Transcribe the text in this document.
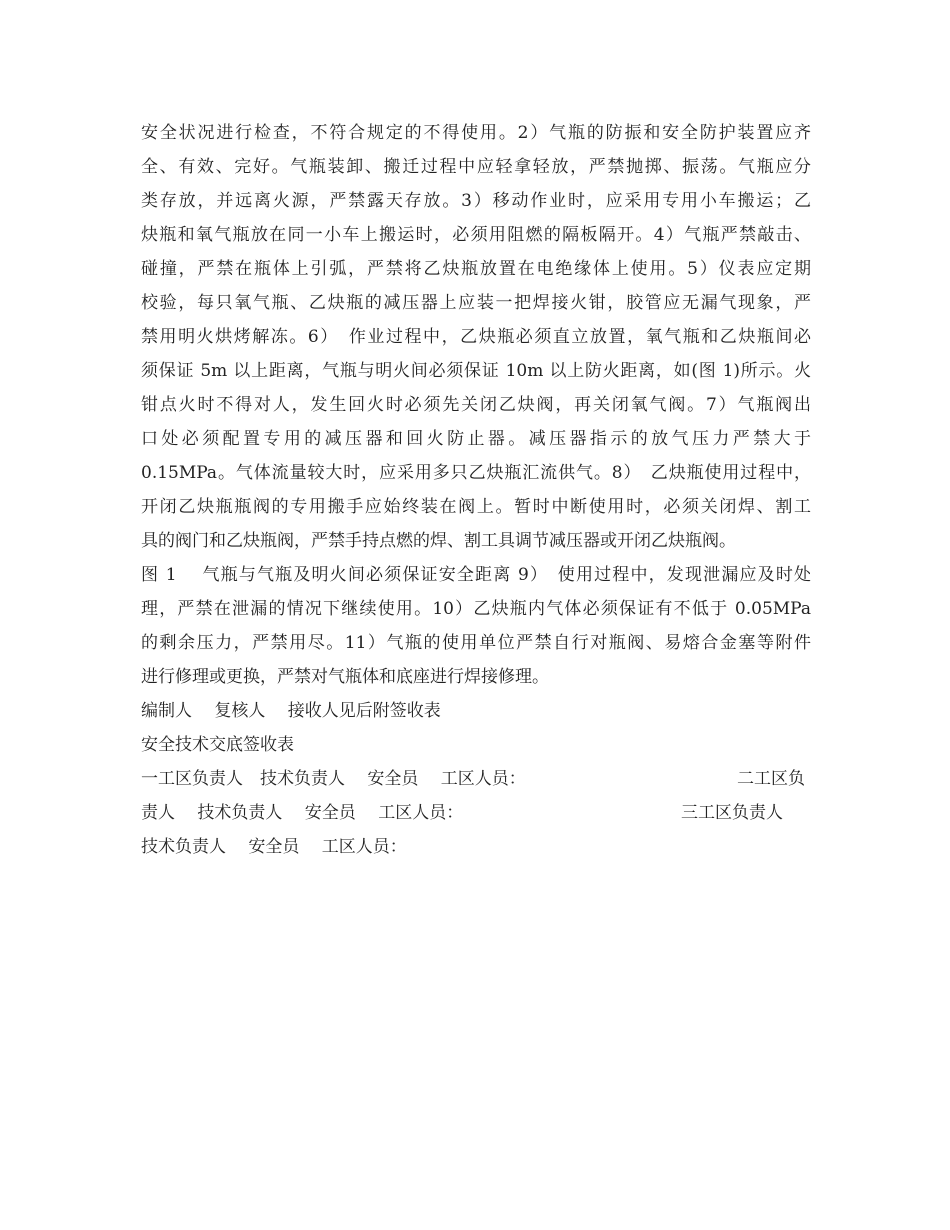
安全状况进行检查，不符合规定的不得使用。2）气瓶的防振和安全防护装置应齐
全、有效、完好。气瓶装卸、搬迁过程中应轻拿轻放，严禁抛掷、振荡。气瓶应分
类存放，并远离火源，严禁露天存放。3）移动作业时，应采用专用小车搬运；乙
炔瓶和氧气瓶放在同一小车上搬运时，必须用阻燃的隔板隔开。4）气瓶严禁敲击、
碰撞，严禁在瓶体上引弧，严禁将乙炔瓶放置在电绝缘体上使用。5）仪表应定期
校验，每只氧气瓶、乙炔瓶的减压器上应装一把焊接火钳，胶管应无漏气现象，严
禁用明火烘烤解冻。6）　作业过程中，乙炔瓶必须直立放置，氧气瓶和乙炔瓶间必
须保证 5m 以上距离，气瓶与明火间必须保证 10m 以上防火距离，如(图 1)所示。火
钳点火时不得对人，发生回火时必须先关闭乙炔阀，再关闭氧气阀。7）气瓶阀出
口处必须配置专用的减压器和回火防止器。减压器指示的放气压力严禁大于
0.15MPa。气体流量较大时，应采用多只乙炔瓶汇流供气。8）　乙炔瓶使用过程中，
开闭乙炔瓶瓶阀的专用搬手应始终装在阀上。暂时中断使用时，必须关闭焊、割工
具的阀门和乙炔瓶阀，严禁手持点燃的焊、割工具调节减压器或开闭乙炔瓶阀。
图 1　 气瓶与气瓶及明火间必须保证安全距离 9）　使用过程中，发现泄漏应及时处
理，严禁在泄漏的情况下继续使用。10）乙炔瓶内气体必须保证有不低于 0.05MPa
的剩余压力，严禁用尽。11）气瓶的使用单位严禁自行对瓶阀、易熔合金塞等附件
进行修理或更换，严禁对气瓶体和底座进行焊接修理。
编制人　 复核人　 接收人见后附签收表
安全技术交底签收表
一工区负责人　技术负责人　 安全员　 工区人员：	二工区负
责人　 技术负责人　 安全员　 工区人员：	三工区负责人
技术负责人　 安全员　 工区人员：
